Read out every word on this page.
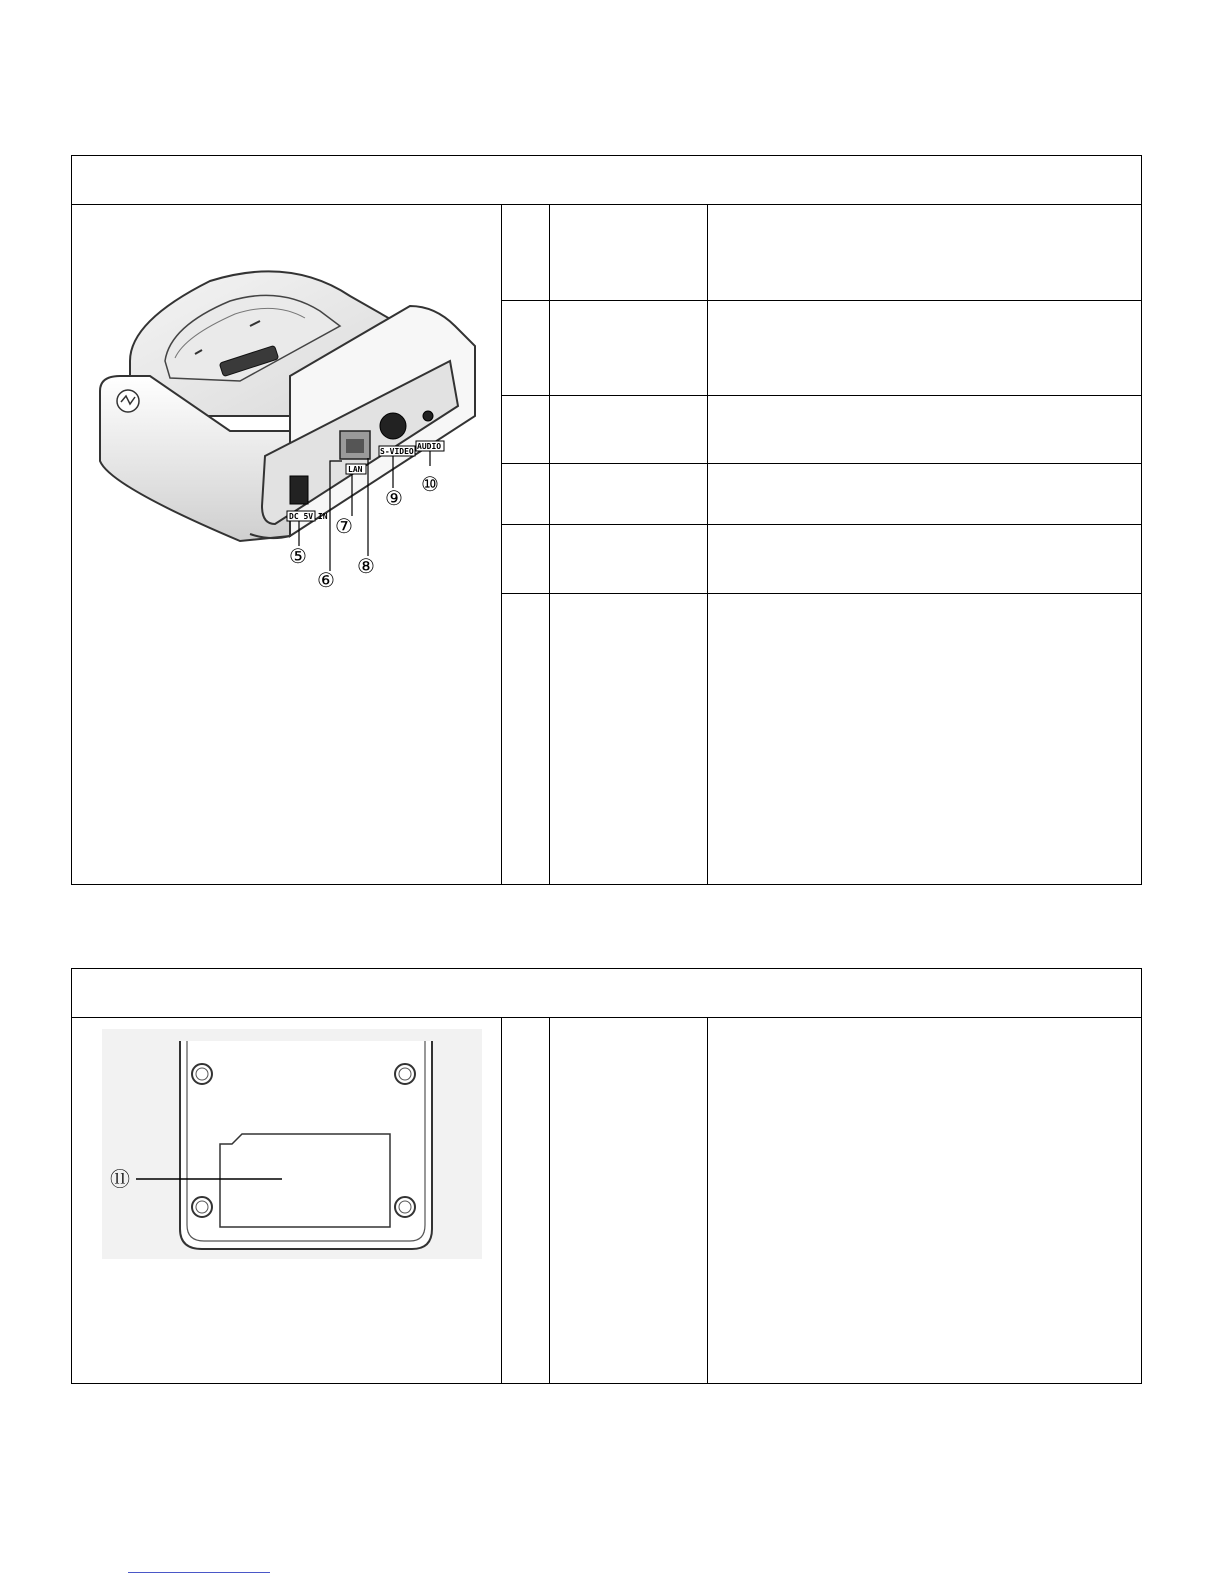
DC 5V IN
LAN
S-VIDEO
AUDIO
⑤
⑥
⑦
⑧
⑨
⑩
⑪
